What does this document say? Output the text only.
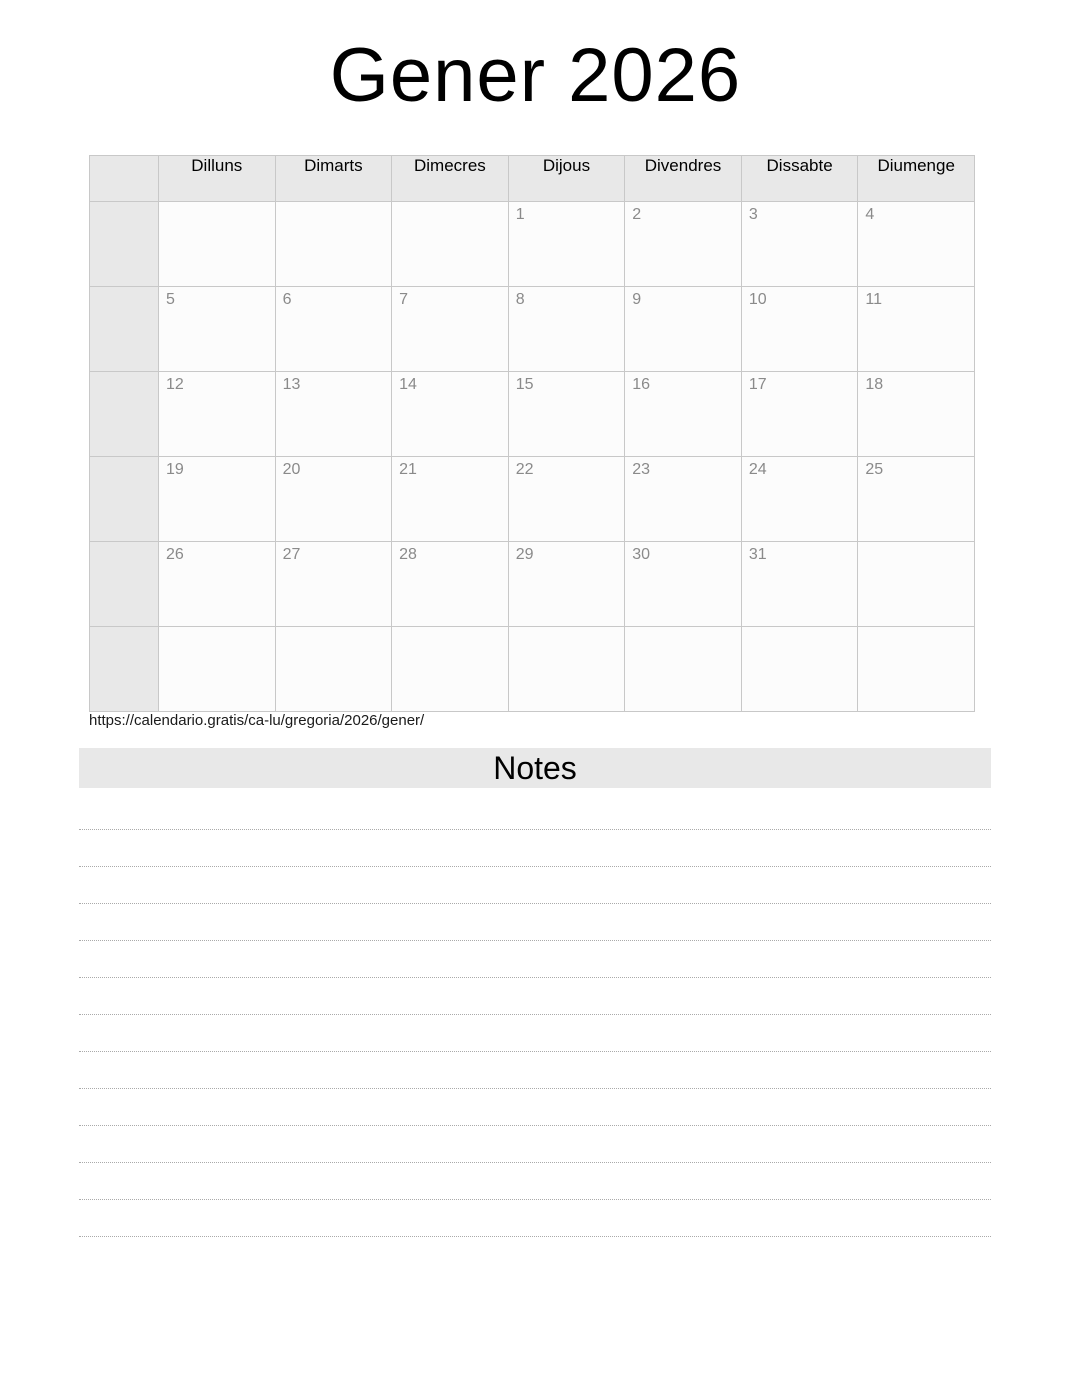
Gener 2026
	Dilluns	Dimarts	Dimecres	Dijous	Divendres	Dissabte	Diumenge

				1	2	3	4

	5	6	7	8	9	10	11

	12	13	14	15	16	17	18

	19	20	21	22	23	24	25

	26	27	28	29	30	31	

https://calendario.gratis/ca-lu/gregoria/2026/gener/
Notes
